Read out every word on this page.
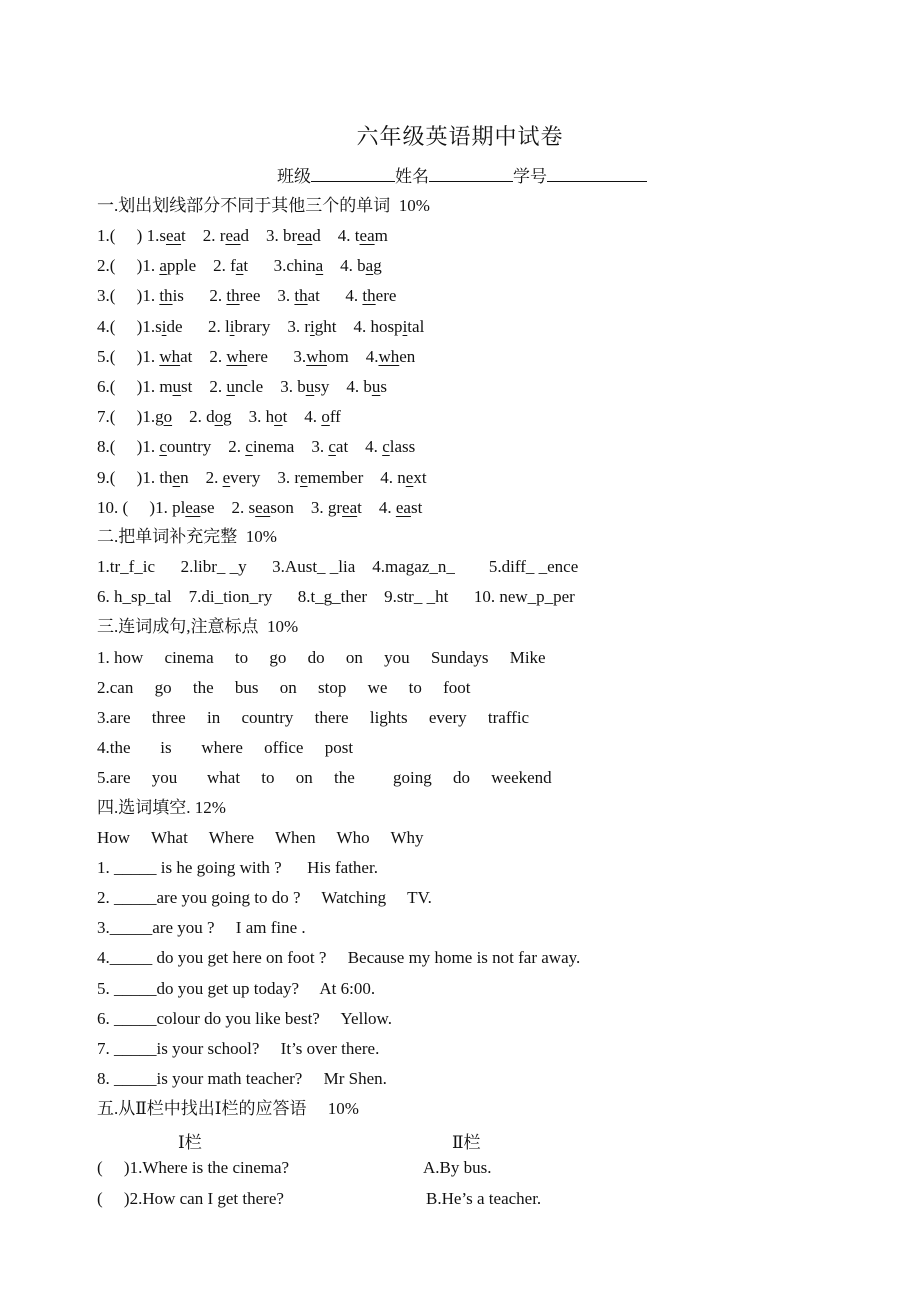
六年级英语期中试卷
班级	姓名	学号
一.划出划线部分不同于其他三个的单词  10%
1.(     ) 1.seat    2. read    3. bread    4. team
2.(     )1. apple    2. fat      3.china    4. bag
3.(     )1. this      2. three    3. that      4. there
4.(     )1.side      2. library    3. right    4. hospital
5.(     )1. what    2. where      3.whom    4.when
6.(     )1. must    2. uncle    3. busy    4. bus
7.(     )1.go    2. dog    3. hot    4. off
8.(     )1. country    2. cinema    3. cat    4. class
9.(     )1. then    2. every    3. remember    4. next
10. (     )1. please    2. season    3. great    4. east
二.把单词补充完整  10%
1.tr_f_ic      2.libr_ _y      3.Aust_ _lia    4.magaz_n_        5.diff_ _ence
6. h_sp_tal    7.di_tion_ry      8.t_g_ther    9.str_ _ht      10. new_p_per
三.连词成句,注意标点  10%
1. how     cinema     to     go     do     on     you     Sundays     Mike
2.can     go     the     bus     on     stop     we     to     foot
3.are     three     in     country     there     lights     every     traffic
4.the       is       where     office     post
5.are     you       what     to     on     the         going     do     weekend
四.选词填空. 12%
How     What     Where     When     Who     Why
1. _____ is he going with ?      His father.
2. _____are you going to do ?     Watching     TV.
3._____are you ?     I am fine .
4._____ do you get here on foot ?     Because my home is not far away.
5. _____do you get up today?     At 6:00.
6. _____colour do you like best?     Yellow.
7. _____is your school?     It’s over there.
8. _____is your math teacher?     Mr Shen.
五.从Ⅱ栏中找出Ⅰ栏的应答语     10%
Ⅰ栏	Ⅱ栏
(     )1.Where is the cinema?	A.By bus.
(     )2.How can I get there?	B.He’s a teacher.
